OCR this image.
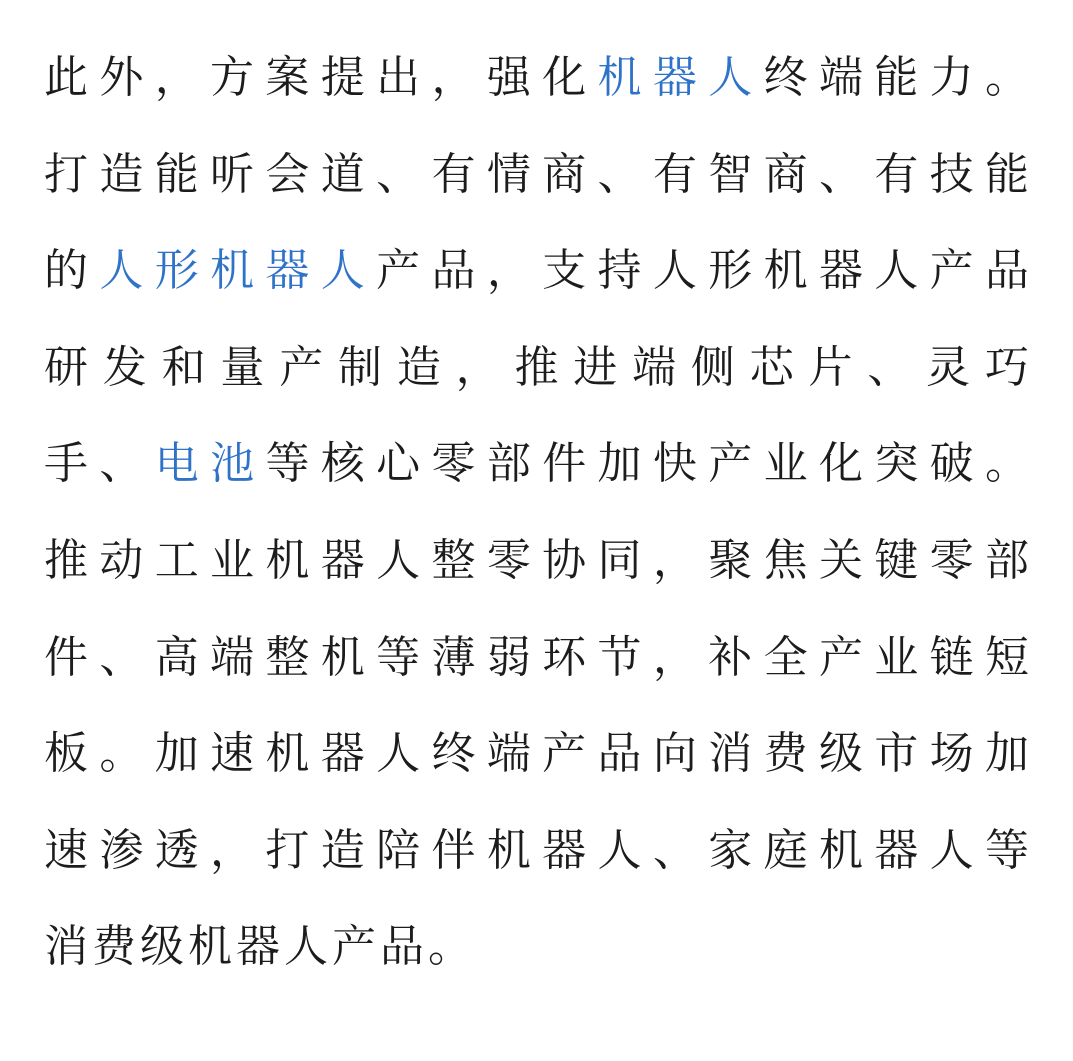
此外，方案提出，强化机器人终端能力。
打造能听会道、有情商、有智商、有技能
的人形机器人产品，支持人形机器人产品
研发和量产制造，推进端侧芯片、灵巧
手、电池等核心零部件加快产业化突破。
推动工业机器人整零协同，聚焦关键零部
件、高端整机等薄弱环节，补全产业链短
板。加速机器人终端产品向消费级市场加
速渗透，打造陪伴机器人、家庭机器人等
消费级机器人产品。
